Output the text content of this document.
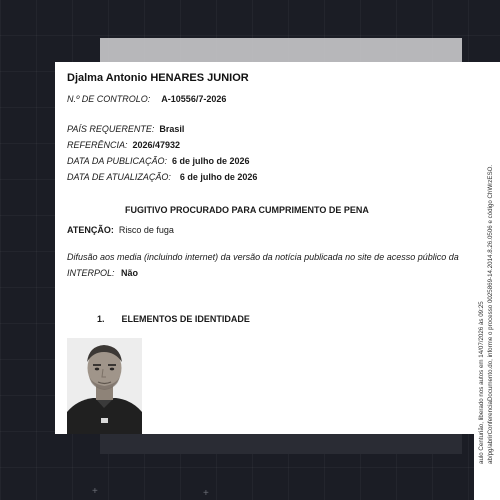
Djalma Antonio HENARES JUNIOR
N.º DE CONTROLO: A-10556/7-2026
PAÍS REQUERENTE: Brasil
REFERÊNCIA: 2026/47932
DATA DA PUBLICAÇÃO: 6 de julho de 2026
DATA DE ATUALIZAÇÃO: 6 de julho de 2026
FUGITIVO PROCURADO PARA CUMPRIMENTO DE PENA
ATENÇÃO: Risco de fuga
Difusão aos media (incluindo internet) da versão da notícia publicada no site de acesso público da INTERPOL: Não
1. ELEMENTOS DE IDENTIDADE	aulo Centurião, liberado nos autos em 14/07/2026 às 09:25 ab/pg/abrirConferenciaDocumento.do, informe o processo 0025869-14.2014.8.26.0506 e código ChWrzESO.
+	+
